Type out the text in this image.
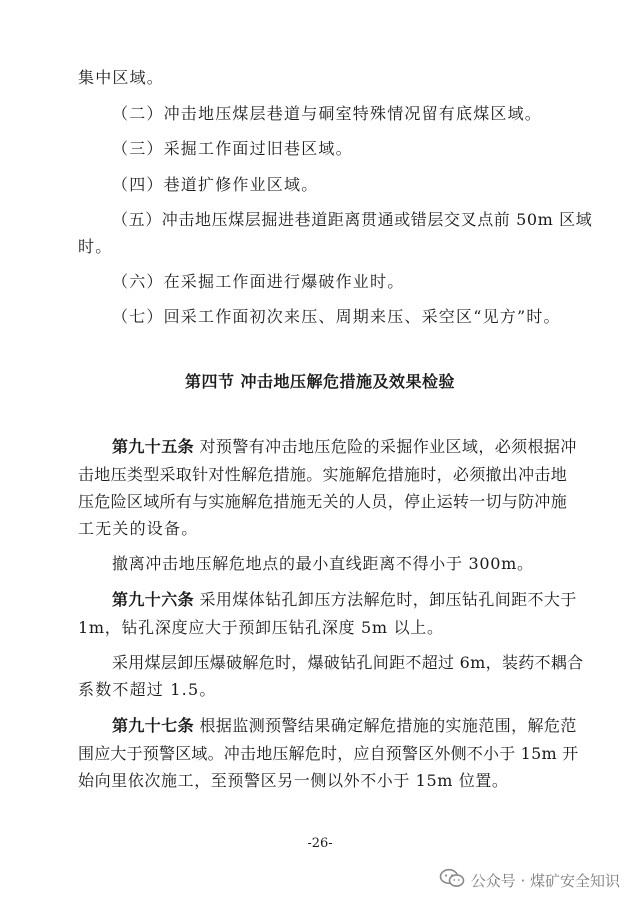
集中区域。
（二）冲击地压煤层巷道与硐室特殊情况留有底煤区域。
（三）采掘工作面过旧巷区域。
（四）巷道扩修作业区域。
（五）冲击地压煤层掘进巷道距离贯通或错层交叉点前 50m 区域
时。
（六）在采掘工作面进行爆破作业时。
（七）回采工作面初次来压、周期来压、采空区“见方”时。
第四节 冲击地压解危措施及效果检验
第九十五条 对预警有冲击地压危险的采掘作业区域，必须根据冲
击地压类型采取针对性解危措施。实施解危措施时，必须撤出冲击地
压危险区域所有与实施解危措施无关的人员，停止运转一切与防冲施
工无关的设备。
撤离冲击地压解危地点的最小直线距离不得小于 300m。
第九十六条 采用煤体钻孔卸压方法解危时，卸压钻孔间距不大于
1m，钻孔深度应大于预卸压钻孔深度 5m 以上。
采用煤层卸压爆破解危时，爆破钻孔间距不超过 6m，装药不耦合
系数不超过 1.5。
第九十七条 根据监测预警结果确定解危措施的实施范围，解危范
围应大于预警区域。冲击地压解危时，应自预警区外侧不小于 15m 开
始向里依次施工，至预警区另一侧以外不小于 15m 位置。
-26-
公众号 · 煤矿安全知识
